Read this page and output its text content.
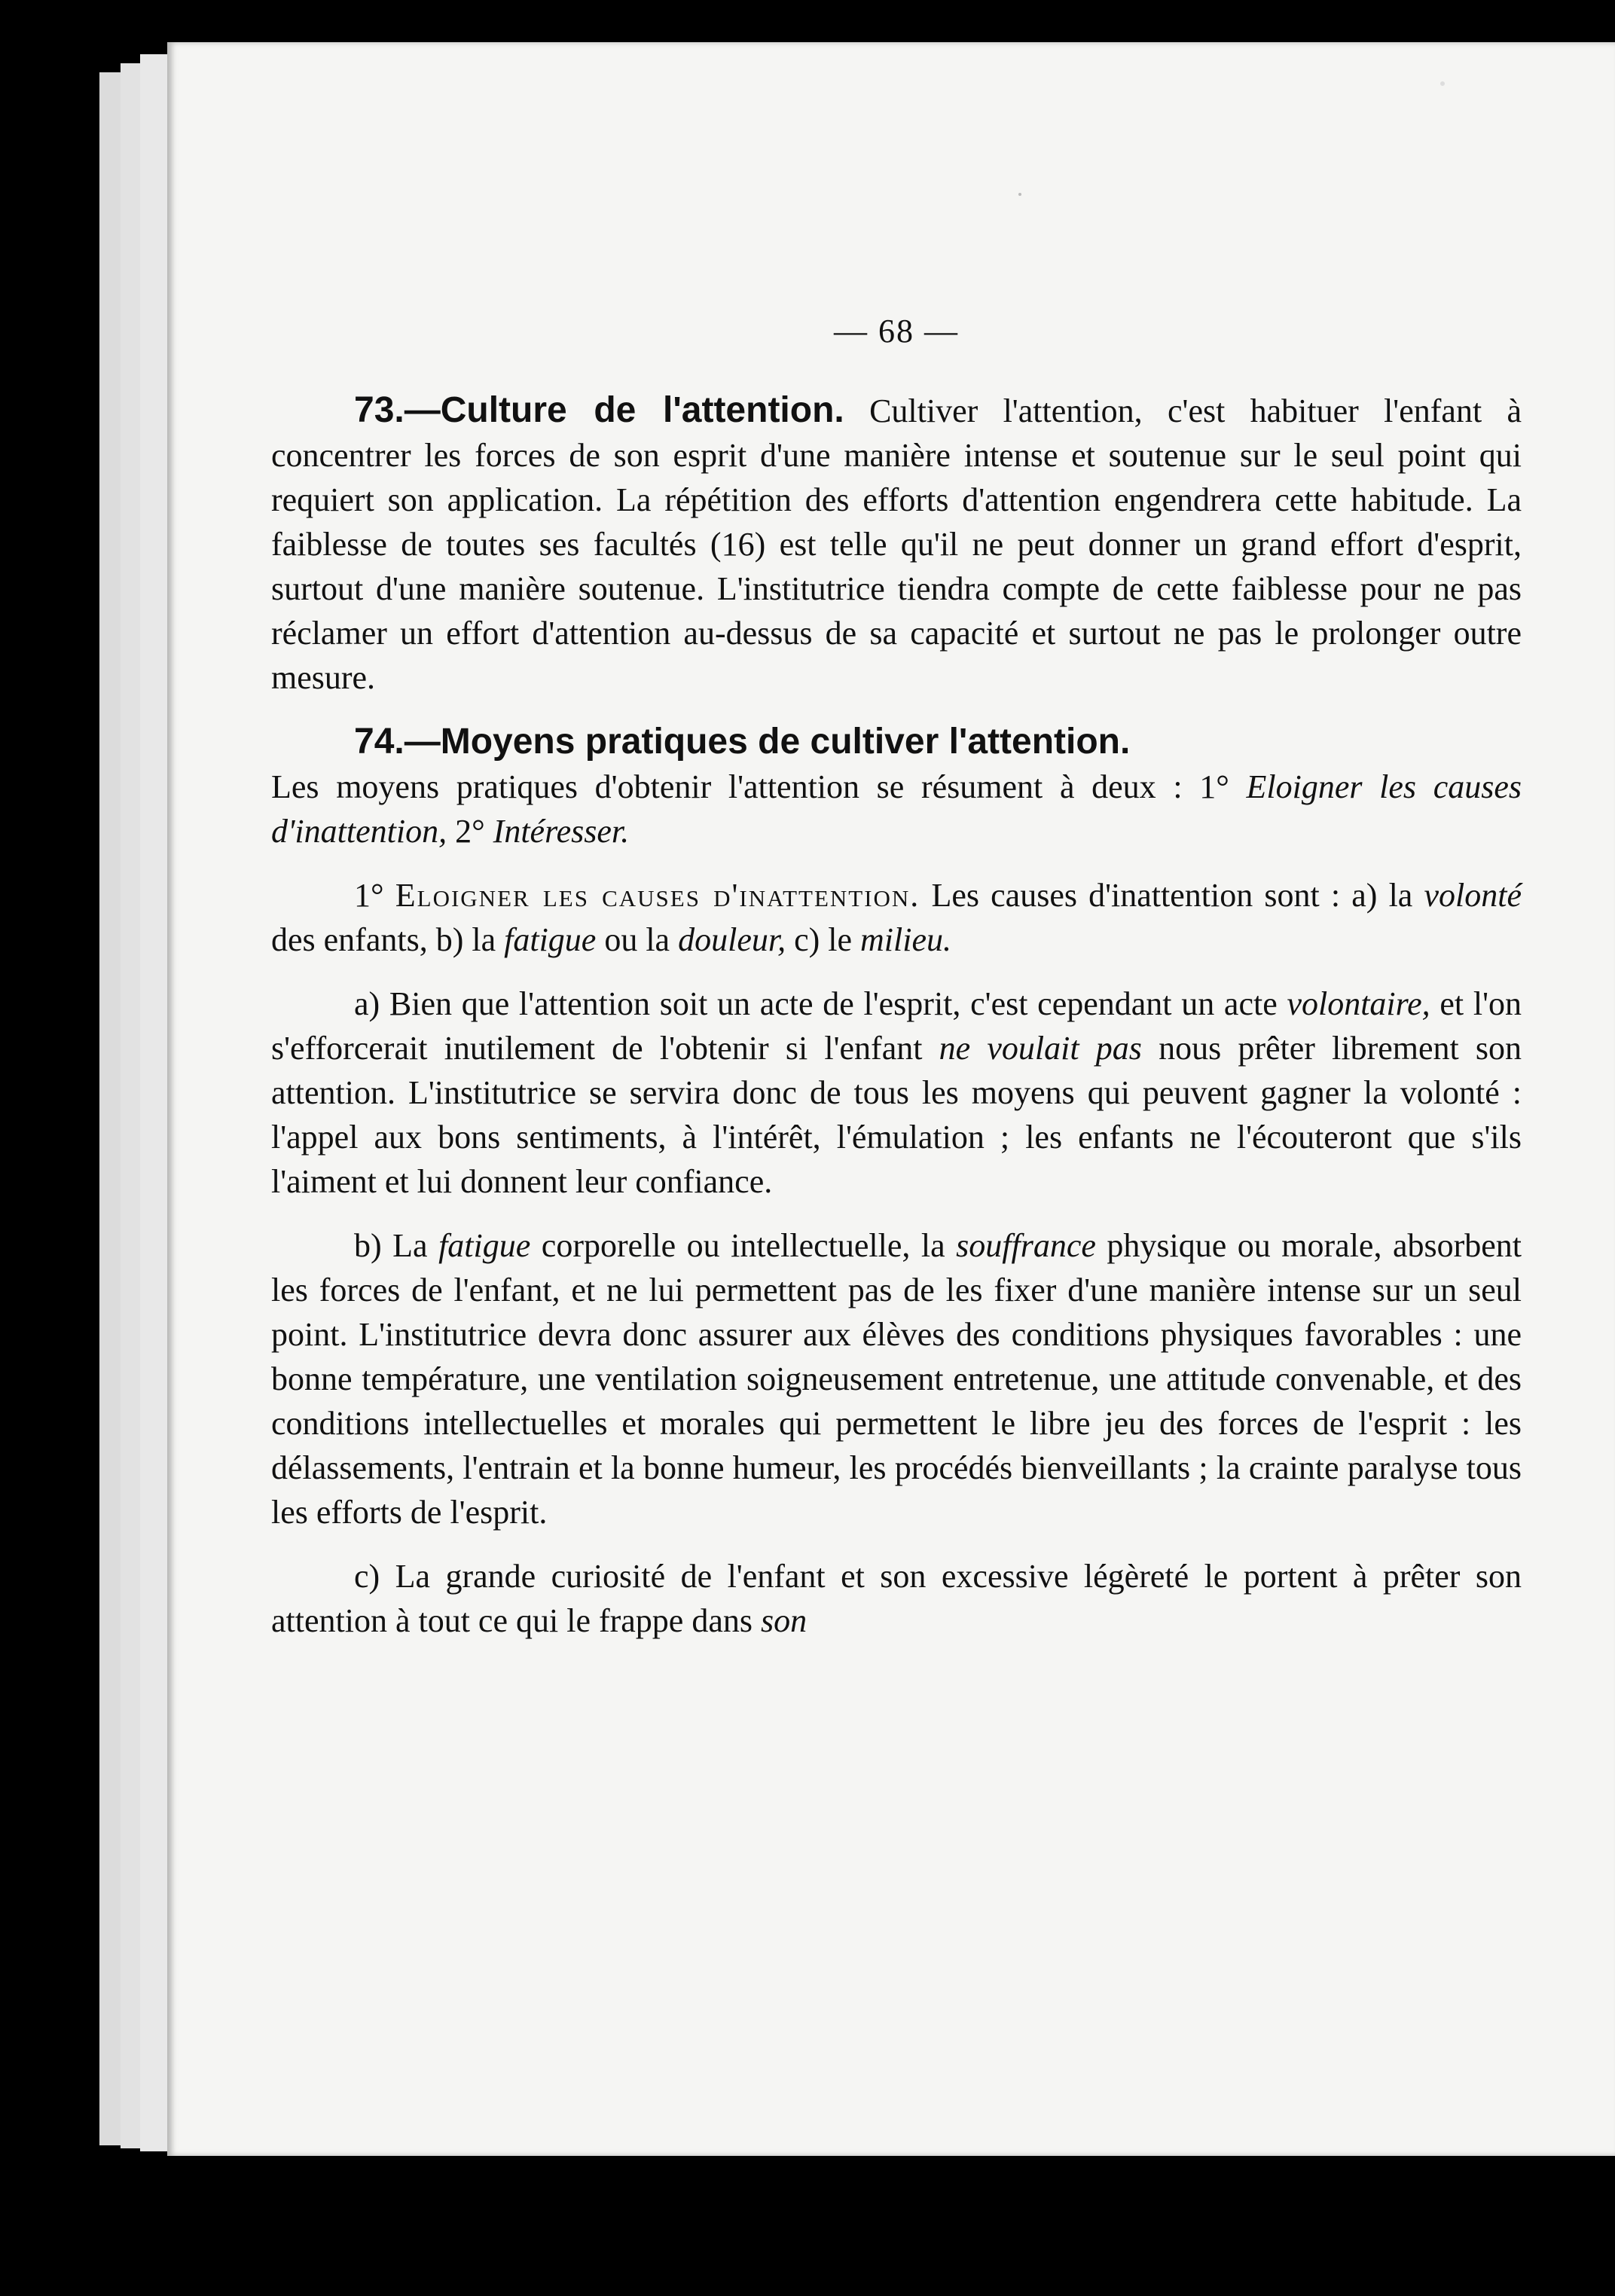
— 68 —

73.—Culture de l'attention. Cultiver l'attention, c'est habituer l'enfant à concentrer les forces de son esprit d'une manière intense et soutenue sur le seul point qui requiert son application. La répétition des efforts d'attention engendrera cette habitude. La faiblesse de toutes ses facultés (16) est telle qu'il ne peut donner un grand effort d'esprit, surtout d'une manière soutenue. L'institutrice tiendra compte de cette faiblesse pour ne pas réclamer un effort d'attention au-dessus de sa capacité et surtout ne pas le prolonger outre mesure.

74.—Moyens pratiques de cultiver l'attention.
Les moyens pratiques d'obtenir l'attention se résument à deux : 1° Eloigner les causes d'inattention, 2° Intéresser.

1° Eloigner les causes d'inattention. Les causes d'inattention sont : a) la volonté des enfants, b) la fatigue ou la douleur, c) le milieu.

a) Bien que l'attention soit un acte de l'esprit, c'est cependant un acte volontaire, et l'on s'efforcerait inutilement de l'obtenir si l'enfant ne voulait pas nous prêter librement son attention. L'institutrice se servira donc de tous les moyens qui peuvent gagner la volonté : l'appel aux bons sentiments, à l'intérêt, l'émulation ; les enfants ne l'écouteront que s'ils l'aiment et lui donnent leur confiance.

b) La fatigue corporelle ou intellectuelle, la souffrance physique ou morale, absorbent les forces de l'enfant, et ne lui permettent pas de les fixer d'une manière intense sur un seul point. L'institutrice devra donc assurer aux élèves des conditions physiques favorables : une bonne température, une ventilation soigneusement entretenue, une attitude convenable, et des conditions intellectuelles et morales qui permettent le libre jeu des forces de l'esprit : les délassements, l'entrain et la bonne humeur, les procédés bienveillants ; la crainte paralyse tous les efforts de l'esprit.

c) La grande curiosité de l'enfant et son excessive légèreté le portent à prêter son attention à tout ce qui le frappe dans son
